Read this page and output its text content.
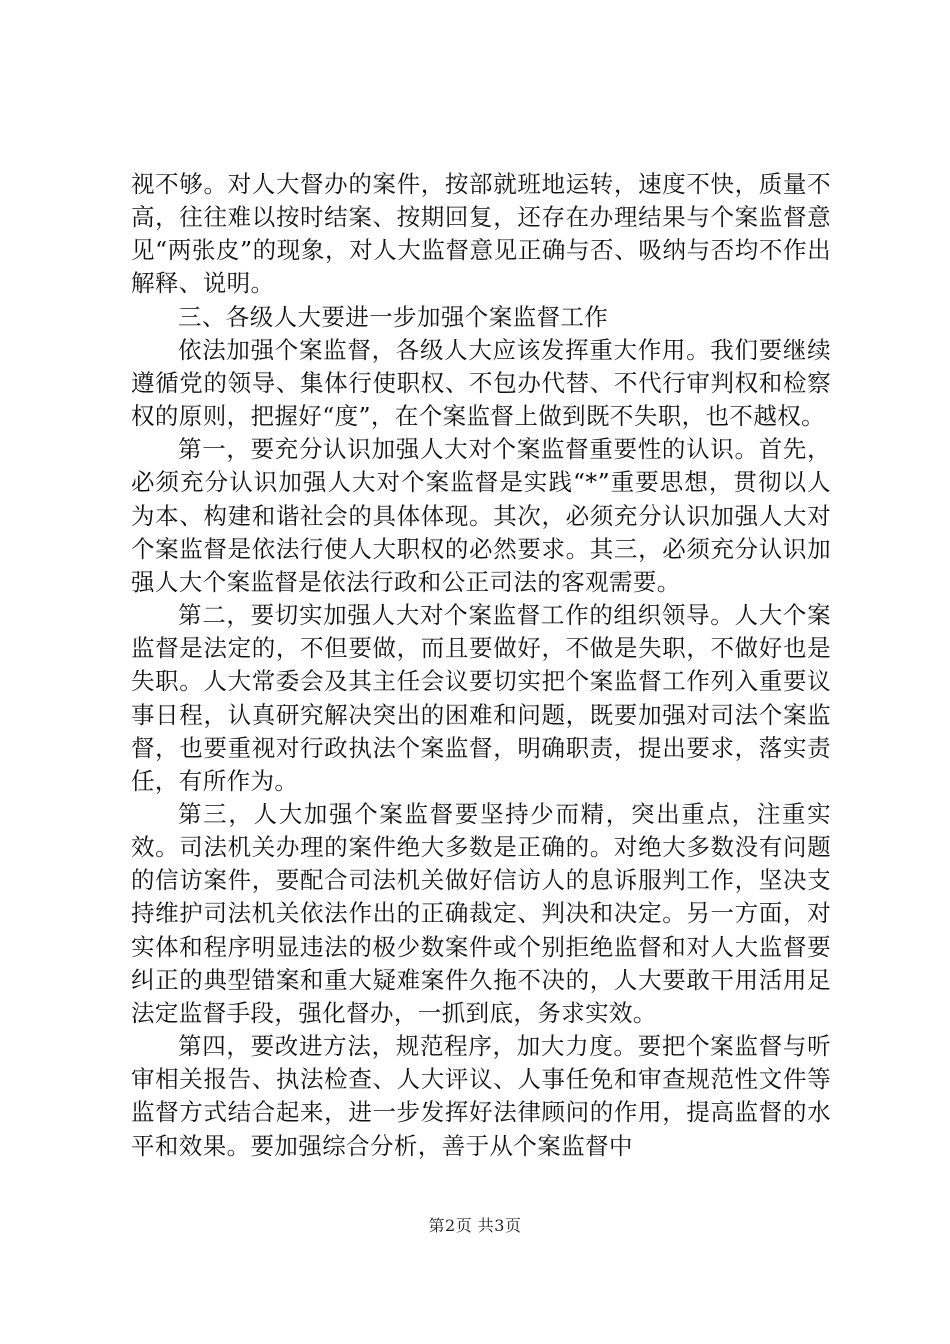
视不够。对人大督办的案件，按部就班地运转，速度不快，质量不高，往往难以按时结案、按期回复，还存在办理结果与个案监督意见“两张皮”的现象，对人大监督意见正确与否、吸纳与否均不作出解释、说明。

三、各级人大要进一步加强个案监督工作

依法加强个案监督，各级人大应该发挥重大作用。我们要继续遵循党的领导、集体行使职权、不包办代替、不代行审判权和检察权的原则，把握好“度”，在个案监督上做到既不失职，也不越权。

第一，要充分认识加强人大对个案监督重要性的认识。首先，必须充分认识加强人大对个案监督是实践“*”重要思想，贯彻以人为本、构建和谐社会的具体体现。其次，必须充分认识加强人大对个案监督是依法行使人大职权的必然要求。其三，必须充分认识加强人大个案监督是依法行政和公正司法的客观需要。

第二，要切实加强人大对个案监督工作的组织领导。人大个案监督是法定的，不但要做，而且要做好，不做是失职，不做好也是失职。人大常委会及其主任会议要切实把个案监督工作列入重要议事日程，认真研究解决突出的困难和问题，既要加强对司法个案监督，也要重视对行政执法个案监督，明确职责，提出要求，落实责任，有所作为。

第三，人大加强个案监督要坚持少而精，突出重点，注重实效。司法机关办理的案件绝大多数是正确的。对绝大多数没有问题的信访案件，要配合司法机关做好信访人的息诉服判工作，坚决支持维护司法机关依法作出的正确裁定、判决和决定。另一方面，对实体和程序明显违法的极少数案件或个别拒绝监督和对人大监督要纠正的典型错案和重大疑难案件久拖不决的，人大要敢干用活用足法定监督手段，强化督办，一抓到底，务求实效。

第四，要改进方法，规范程序，加大力度。要把个案监督与听审相关报告、执法检查、人大评议、人事任免和审查规范性文件等监督方式结合起来，进一步发挥好法律顾问的作用，提高监督的水平和效果。要加强综合分析，善于从个案监督中

第2页 共3页
